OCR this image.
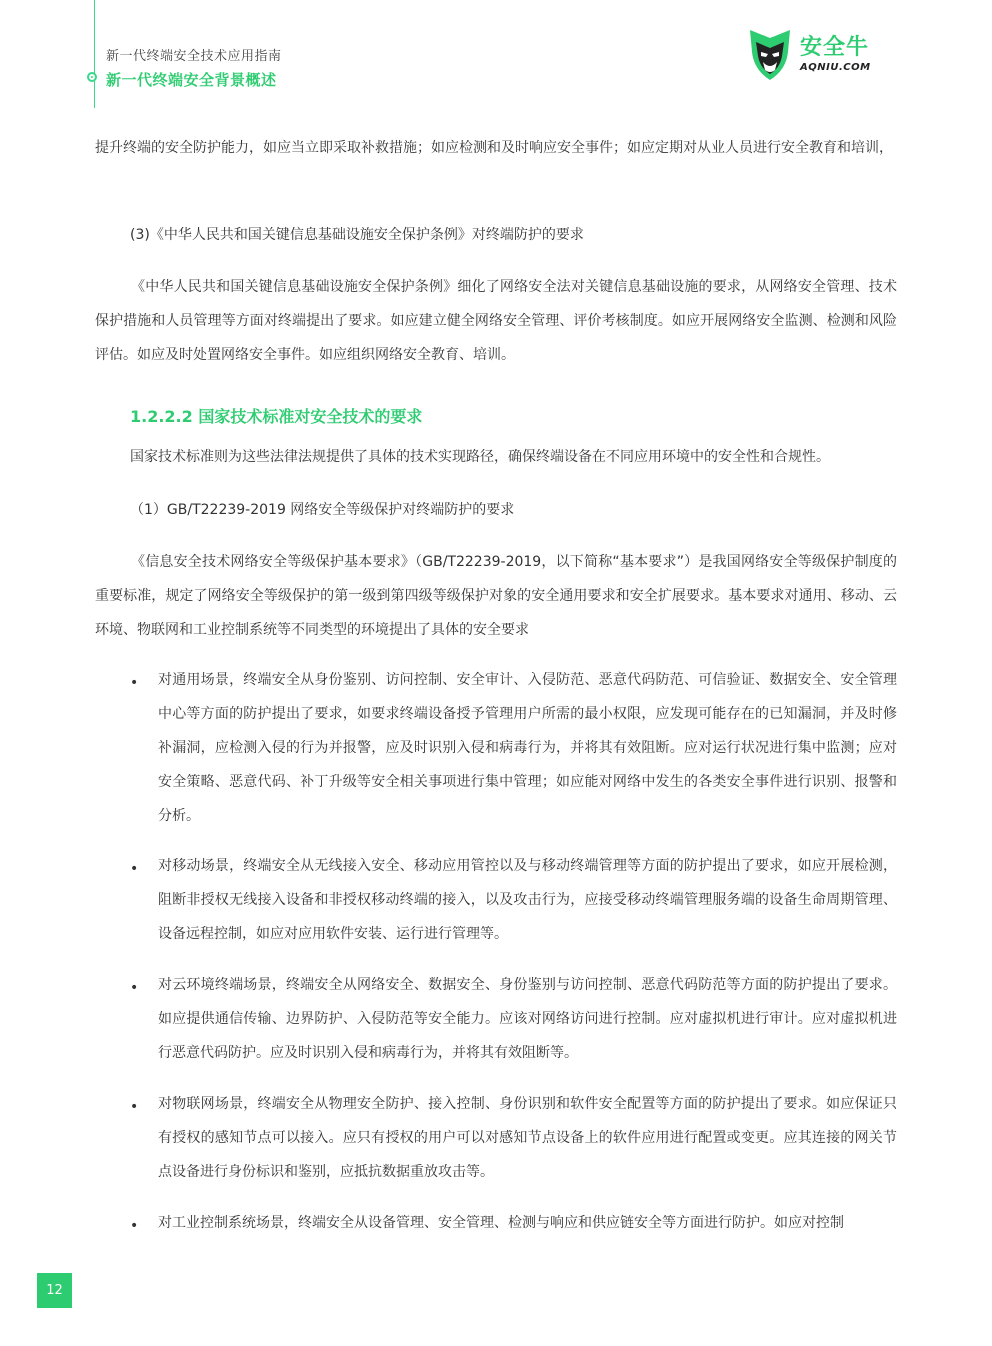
新一代终端安全技术应用指南
新一代终端安全背景概述
安全牛
AQNIU.COM
提升终端的安全防护能力，如应当立即采取补救措施；如应检测和及时响应安全事件；如应定期对从业人员进行安全教育和培训，
(3)《中华人民共和国关键信息基础设施安全保护条例》对终端防护的要求
《中华人民共和国关键信息基础设施安全保护条例》细化了网络安全法对关键信息基础设施的要求，从网络安全管理、技术保护措施和人员管理等方面对终端提出了要求。如应建立健全网络安全管理、评价考核制度。如应开展网络安全监测、检测和风险评估。如应及时处置网络安全事件。如应组织网络安全教育、培训。
1.2.2.2 国家技术标准对安全技术的要求
国家技术标准则为这些法律法规提供了具体的技术实现路径，确保终端设备在不同应用环境中的安全性和合规性。
（1）GB/T22239-2019 网络安全等级保护对终端防护的要求
《信息安全技术网络安全等级保护基本要求》（GB/T22239-2019，以下简称“基本要求”）是我国网络安全等级保护制度的重要标准，规定了网络安全等级保护的第一级到第四级等级保护对象的安全通用要求和安全扩展要求。基本要求对通用、移动、云环境、物联网和工业控制系统等不同类型的环境提出了具体的安全要求
• 对通用场景，终端安全从身份鉴别、访问控制、安全审计、入侵防范、恶意代码防范、可信验证、数据安全、安全管理中心等方面的防护提出了要求，如要求终端设备授予管理用户所需的最小权限，应发现可能存在的已知漏洞，并及时修补漏洞，应检测入侵的行为并报警，应及时识别入侵和病毒行为，并将其有效阻断。应对运行状况进行集中监测；应对安全策略、恶意代码、补丁升级等安全相关事项进行集中管理；如应能对网络中发生的各类安全事件进行识别、报警和分析。
• 对移动场景，终端安全从无线接入安全、移动应用管控以及与移动终端管理等方面的防护提出了要求，如应开展检测，阻断非授权无线接入设备和非授权移动终端的接入，以及攻击行为，应接受移动终端管理服务端的设备生命周期管理、设备远程控制，如应对应用软件安装、运行进行管理等。
• 对云环境终端场景，终端安全从网络安全、数据安全、身份鉴别与访问控制、恶意代码防范等方面的防护提出了要求。如应提供通信传输、边界防护、入侵防范等安全能力。应该对网络访问进行控制。应对虚拟机进行审计。应对虚拟机进行恶意代码防护。应及时识别入侵和病毒行为，并将其有效阻断等。
• 对物联网场景，终端安全从物理安全防护、接入控制、身份识别和软件安全配置等方面的防护提出了要求。如应保证只有授权的感知节点可以接入。应只有授权的用户可以对感知节点设备上的软件应用进行配置或变更。应其连接的网关节点设备进行身份标识和鉴别，应抵抗数据重放攻击等。
• 对工业控制系统场景，终端安全从设备管理、安全管理、检测与响应和供应链安全等方面进行防护。如应对控制
12
